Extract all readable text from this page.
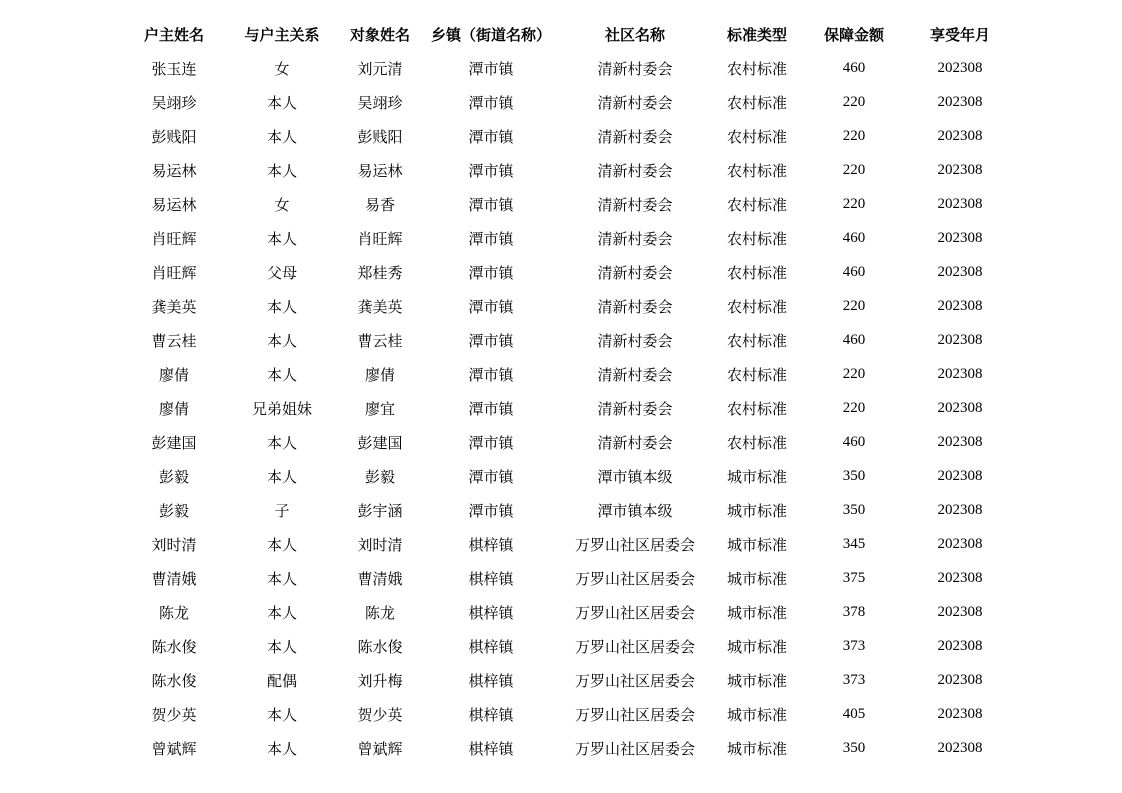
户主姓名	与户主关系	对象姓名	乡镇（街道名称）	社区名称	标准类型	保障金额	享受年月
张玉连	女	刘元清	潭市镇	清新村委会	农村标准	460	202308
吴翊珍	本人	吴翊珍	潭市镇	清新村委会	农村标准	220	202308
彭贱阳	本人	彭贱阳	潭市镇	清新村委会	农村标准	220	202308
易运林	本人	易运林	潭市镇	清新村委会	农村标准	220	202308
易运林	女	易香	潭市镇	清新村委会	农村标准	220	202308
肖旺辉	本人	肖旺辉	潭市镇	清新村委会	农村标准	460	202308
肖旺辉	父母	郑桂秀	潭市镇	清新村委会	农村标准	460	202308
龚美英	本人	龚美英	潭市镇	清新村委会	农村标准	220	202308
曹云桂	本人	曹云桂	潭市镇	清新村委会	农村标准	460	202308
廖倩	本人	廖倩	潭市镇	清新村委会	农村标准	220	202308
廖倩	兄弟姐妹	廖宜	潭市镇	清新村委会	农村标准	220	202308
彭建国	本人	彭建国	潭市镇	清新村委会	农村标准	460	202308
彭毅	本人	彭毅	潭市镇	潭市镇本级	城市标准	350	202308
彭毅	子	彭宇涵	潭市镇	潭市镇本级	城市标准	350	202308
刘时清	本人	刘时清	棋梓镇	万罗山社区居委会	城市标准	345	202308
曹清娥	本人	曹清娥	棋梓镇	万罗山社区居委会	城市标准	375	202308
陈龙	本人	陈龙	棋梓镇	万罗山社区居委会	城市标准	378	202308
陈水俊	本人	陈水俊	棋梓镇	万罗山社区居委会	城市标准	373	202308
陈水俊	配偶	刘升梅	棋梓镇	万罗山社区居委会	城市标准	373	202308
贺少英	本人	贺少英	棋梓镇	万罗山社区居委会	城市标准	405	202308
曾斌辉	本人	曾斌辉	棋梓镇	万罗山社区居委会	城市标准	350	202308
